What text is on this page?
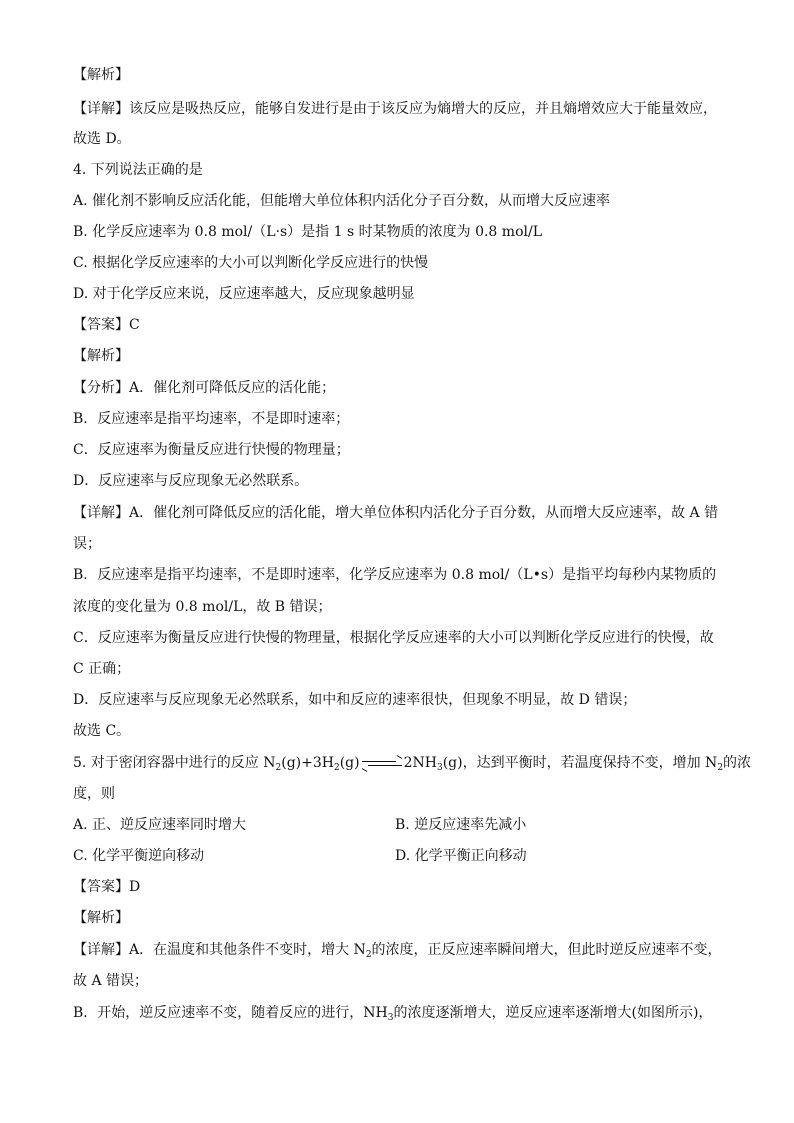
【解析】
【详解】该反应是吸热反应，能够自发进行是由于该反应为熵增大的反应，并且熵增效应大于能量效应，
故选 D。
4. 下列说法正确的是
A. 催化剂不影响反应活化能，但能增大单位体积内活化分子百分数，从而增大反应速率
B. 化学反应速率为 0.8 mol/（L·s）是指 1 s 时某物质的浓度为 0.8 mol/L
C. 根据化学反应速率的大小可以判断化学反应进行的快慢
D. 对于化学反应来说，反应速率越大，反应现象越明显
【答案】C
【解析】
【分析】A．催化剂可降低反应的活化能；
B．反应速率是指平均速率，不是即时速率；
C．反应速率为衡量反应进行快慢的物理量；
D．反应速率与反应现象无必然联系。
【详解】A．催化剂可降低反应的活化能，增大单位体积内活化分子百分数，从而增大反应速率，故 A 错
误；
B．反应速率是指平均速率，不是即时速率，化学反应速率为 0.8 mol/（L•s）是指平均每秒内某物质的
浓度的变化量为 0.8 mol/L，故 B 错误；
C．反应速率为衡量反应进行快慢的物理量，根据化学反应速率的大小可以判断化学反应进行的快慢，故
C 正确；
D．反应速率与反应现象无必然联系，如中和反应的速率很快，但现象不明显，故 D 错误；
故选 C。
5. 对于密闭容器中进行的反应 $N_2(g)+3H_2(g)$	$2NH_3(g)$，达到平衡时，若温度保持不变，增加 $N_2$的浓
度，则
A. 正、逆反应速率同时增大	B. 逆反应速率先减小
C. 化学平衡逆向移动	D. 化学平衡正向移动
【答案】D
【解析】
【详解】A．在温度和其他条件不变时，增大 $N_2$的浓度，正反应速率瞬间增大，但此时逆反应速率不变，
故 A 错误；
B．开始，逆反应速率不变，随着反应的进行，$NH_3$的浓度逐渐增大，逆反应速率逐渐增大(如图所示)，
